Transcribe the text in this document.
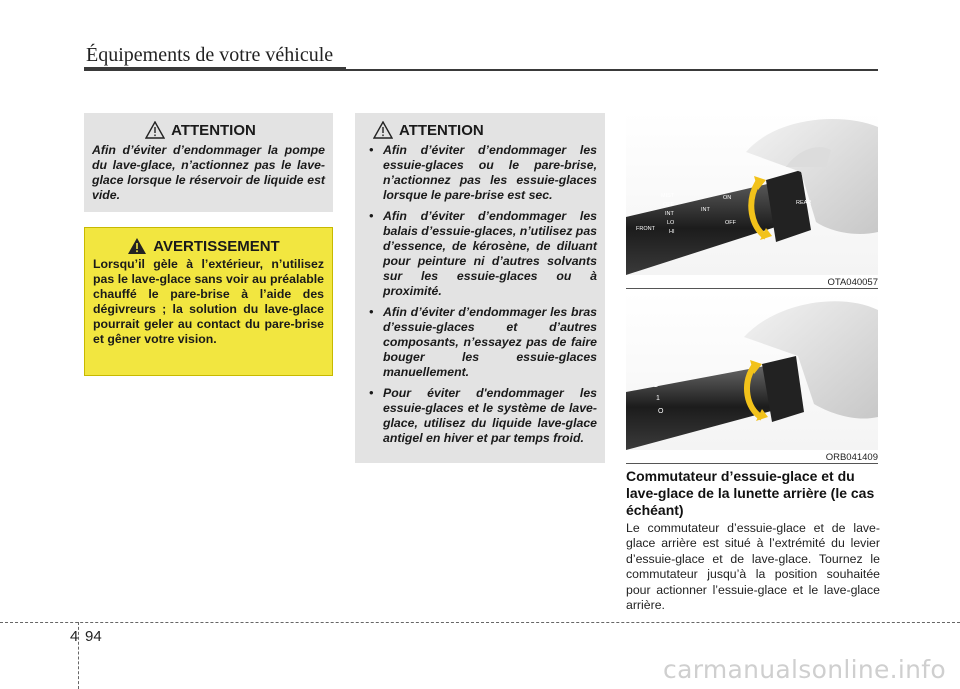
Équipements de votre véhicule
ATTENTION
Afin d’éviter d’endommager la pompe du lave-glace, n’actionnez pas le lave-glace lorsque le réservoir de liquide est vide.
AVERTISSEMENT
Lorsqu’il gèle à l’extérieur, n’utilisez pas le lave-glace sans voir au préalable chauffé le pare-brise à l’aide des dégivreurs ; la solution du lave-glace pourrait geler au contact du pare-brise et gêner votre vision.
ATTENTION
• Afin d’éviter d’endommager les essuie-glaces ou le pare-brise, n’actionnez pas les essuie-glaces lorsque le pare-brise est sec.
• Afin d’éviter d’endommager les balais d’essuie-glaces, n’utilisez pas d’essence, de kérosène, de diluant pour peinture ni d’autres solvants sur les essuie-glaces ou à proximité.
• Afin d’éviter d’endommager les bras d’essuie-glaces et d’autres composants, n’essayez pas de faire bouger les essuie-glaces manuellement.
• Pour éviter d'endommager les essuie-glaces et le système de lave-glace, utilisez du liquide lave-glace antigel en hiver et par temps froid.
MIST
OFF
INT
LO
HI
FRONT
ON
OFF
INT
REAR
OTA040057
2
1
O
ORB041409
Commutateur d’essuie-glace et du lave-glace de la lunette arrière (le cas échéant)
Le commutateur d’essuie-glace et de lave-glace arrière est situé à l’extrémité du levier d’essuie-glace et de lave-glace. Tournez le commutateur jusqu’à la position souhaitée pour actionner l’essuie-glace et le lave-glace arrière.
4 94
carmanualsonline.info
